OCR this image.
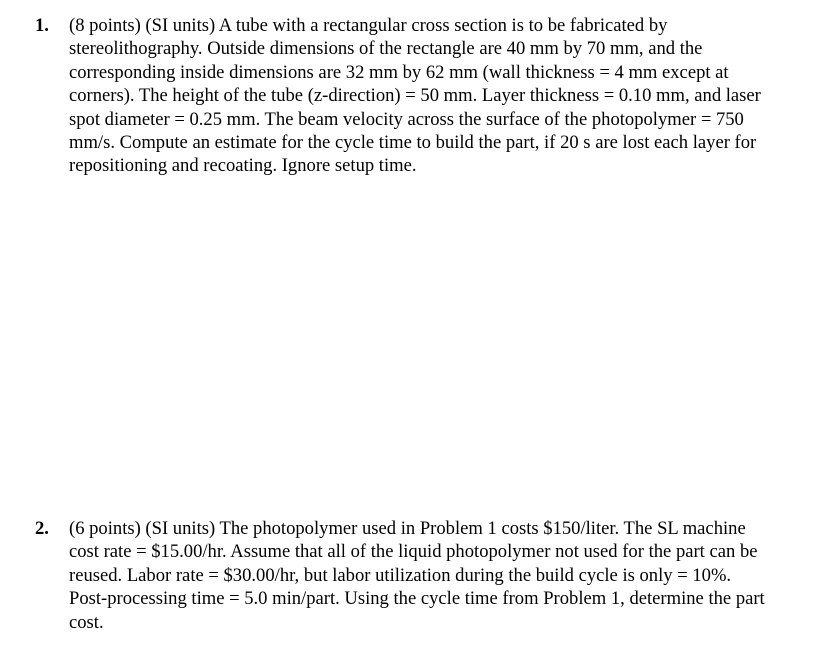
1. (8 points) (SI units) A tube with a rectangular cross section is to be fabricated by
stereolithography. Outside dimensions of the rectangle are 40 mm by 70 mm, and the
corresponding inside dimensions are 32 mm by 62 mm (wall thickness = 4 mm except at
corners). The height of the tube (z-direction) = 50 mm. Layer thickness = 0.10 mm, and laser
spot diameter = 0.25 mm. The beam velocity across the surface of the photopolymer = 750
mm/s. Compute an estimate for the cycle time to build the part, if 20 s are lost each layer for
repositioning and recoating. Ignore setup time.
2. (6 points) (SI units) The photopolymer used in Problem 1 costs $150/liter. The SL machine
cost rate = $15.00/hr. Assume that all of the liquid photopolymer not used for the part can be
reused. Labor rate = $30.00/hr, but labor utilization during the build cycle is only = 10%.
Post-processing time = 5.0 min/part. Using the cycle time from Problem 1, determine the part
cost.
